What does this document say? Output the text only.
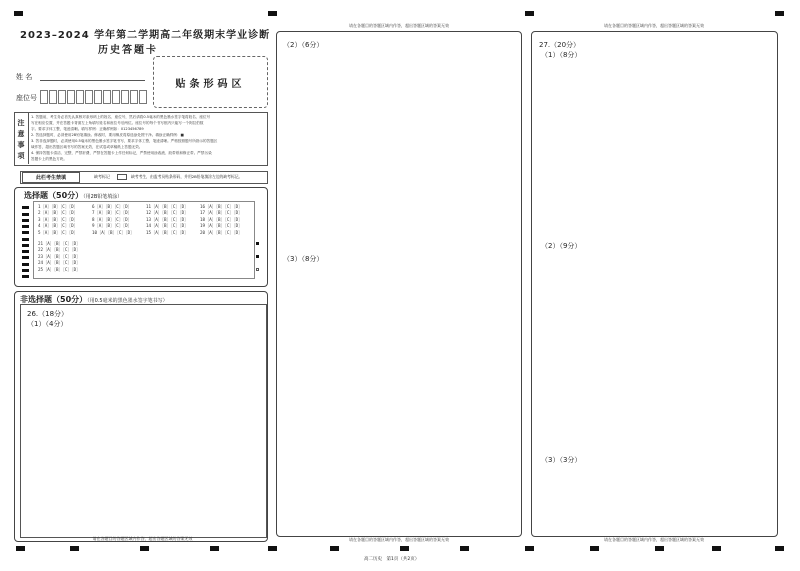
2023–2024 学年第二学期高二年级期末学业诊断
历史答题卡
姓 名
座位号
贴条形码区
注
意
事
项
1. 答题前，考生务必首先认真核对条形码上的姓名、座位号，然后请将0.5毫米的黑色墨水签字笔将姓名、座位号
写在相应位置，并在答题卡背面左上角填写姓名和座位号后两位。座位号的每个书写框内只能写一个阿拉伯数
字。要求字体工整，笔迹清晰。填写样例：正确样例如：0123456789
2. 答选择题时，必须使用2B铅笔填涂。修改时，要用橡皮将原选涂处擦干净。填涂正确样例：■
3. 答非选择题时，必须使用0.5毫米的黑色墨水签字笔书写，要求字体工整，笔迹清晰。严格按照题号所指示的答题区
域作答，超出答题区域书写的答案无效，在试卷或草稿纸上答题无效。
4. 保持答题卡清洁、完整，严禁折叠，严禁在答题卡上作任何标记，严禁使用涂改液、胶带纸和修正带。严禁污染
答题卡上的黑色方块。
此栏考生禁填	缺考标记	缺考考生，由监考员贴条形码，并用2B铅笔填涂左边的缺考标记。
选择题（50分）（用2B铅笔填涂）
1［A］［B］［C］［D］
2［A］［B］［C］［D］
3［A］［B］［C］［D］
4［A］［B］［C］［D］
5［A］［B］［C］［D］
6［A］［B］［C］［D］
7［A］［B］［C］［D］
8［A］［B］［C］［D］
9［A］［B］［C］［D］
10［A］［B］［C］［D］
11［A］［B］［C］［D］
12［A］［B］［C］［D］
13［A］［B］［C］［D］
14［A］［B］［C］［D］
15［A］［B］［C］［D］
16［A］［B］［C］［D］
17［A］［B］［C］［D］
18［A］［B］［C］［D］
19［A］［B］［C］［D］
20［A］［B］［C］［D］
21［A］［B］［C］［D］
22［A］［B］［C］［D］
23［A］［B］［C］［D］
24［A］［B］［C］［D］
25［A］［B］［C］［D］
非选择题（50分）（用0.5毫米的黑色墨水签字笔书写）
26.（18分）
（1）（4分）
请在各题目的答题区域内作答，超出答题区域的答案无效
请在各题目的答题区域内作答，超出答题区域的答案无效
（2）（6分）
（3）（8分）
请在各题目的答题区域内作答，超出答题区域的答案无效
请在各题目的答题区域内作答，超出答题区域的答案无效
27.（20分）
（1）（8分）
（2）（9分）
（3）（3分）
请在各题目的答题区域内作答，超出答题区域的答案无效
高二历史　第1页（共2页）
